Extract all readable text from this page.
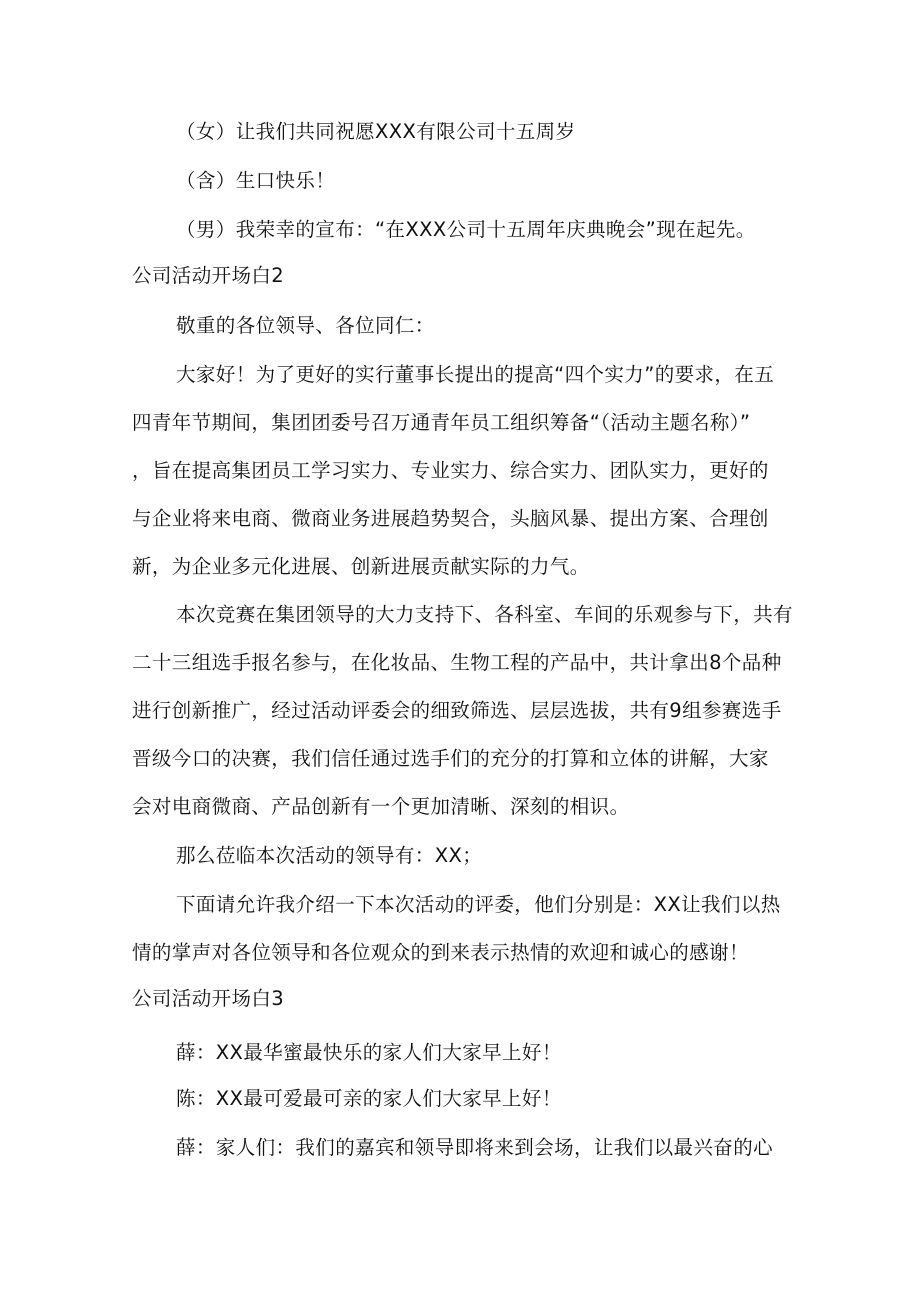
（女）让我们共同祝愿XXX有限公司十五周岁
（含）生口快乐！
（男）我荣幸的宣布：“在XXX公司十五周年庆典晚会”现在起先。
公司活动开场白2
敬重的各位领导、各位同仁：
大家好！为了更好的实行董事长提出的提高“四个实力”的要求，在五
四青年节期间，集团团委号召万通青年员工组织筹备“（活动主题名称）”
，旨在提高集团员工学习实力、专业实力、综合实力、团队实力，更好的
与企业将来电商、微商业务进展趋势契合，头脑风暴、提出方案、合理创
新，为企业多元化进展、创新进展贡献实际的力气。
本次竞赛在集团领导的大力支持下、各科室、车间的乐观参与下，共有
二十三组选手报名参与，在化妆品、生物工程的产品中，共计拿出8个品种
进行创新推广，经过活动评委会的细致筛选、层层选拔，共有9组参赛选手
晋级今口的决赛，我们信任通过选手们的充分的打算和立体的讲解，大家
会对电商微商、产品创新有一个更加清晰、深刻的相识。
那么莅临本次活动的领导有：XX；
下面请允许我介绍一下本次活动的评委，他们分别是：XX让我们以热
情的掌声对各位领导和各位观众的到来表示热情的欢迎和诚心的感谢！
公司活动开场白3
薛：XX最华蜜最快乐的家人们大家早上好！
陈：XX最可爱最可亲的家人们大家早上好！
薛：家人们：我们的嘉宾和领导即将来到会场，让我们以最兴奋的心
